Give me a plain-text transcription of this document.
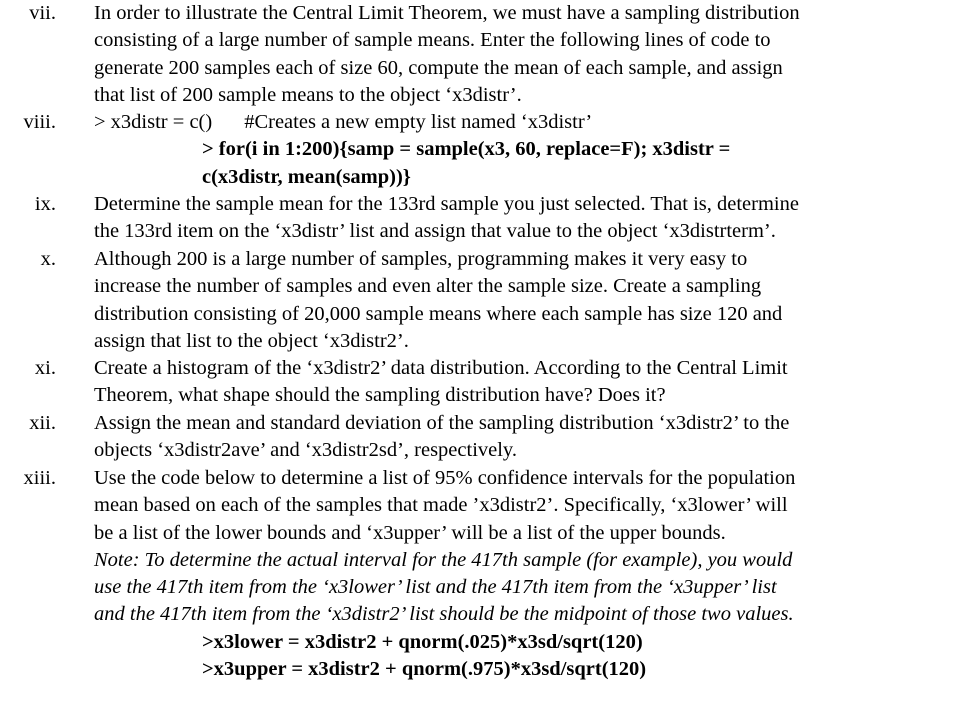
vii. In order to illustrate the Central Limit Theorem, we must have a sampling distribution
consisting of a large number of sample means. Enter the following lines of code to
generate 200 samples each of size 60, compute the mean of each sample, and assign
that list of 200 sample means to the object ‘x3distr’.
viii. > x3distr = c() #Creates a new empty list named ‘x3distr’
> for(i in 1:200){samp = sample(x3, 60, replace=F); x3distr =
c(x3distr, mean(samp))}
ix. Determine the sample mean for the 133rd sample you just selected. That is, determine
the 133rd item on the ‘x3distr’ list and assign that value to the object ‘x3distrterm’.
x. Although 200 is a large number of samples, programming makes it very easy to
increase the number of samples and even alter the sample size. Create a sampling
distribution consisting of 20,000 sample means where each sample has size 120 and
assign that list to the object ‘x3distr2’.
xi. Create a histogram of the ‘x3distr2’ data distribution. According to the Central Limit
Theorem, what shape should the sampling distribution have? Does it?
xii. Assign the mean and standard deviation of the sampling distribution ‘x3distr2’ to the
objects ‘x3distr2ave’ and ‘x3distr2sd’, respectively.
xiii. Use the code below to determine a list of 95% confidence intervals for the population
mean based on each of the samples that made ’x3distr2’. Specifically, ‘x3lower’ will
be a list of the lower bounds and ‘x3upper’ will be a list of the upper bounds.
Note: To determine the actual interval for the 417th sample (for example), you would
use the 417th item from the ‘x3lower’ list and the 417th item from the ‘x3upper’ list
and the 417th item from the ‘x3distr2’ list should be the midpoint of those two values.
>x3lower = x3distr2 + qnorm(.025)*x3sd/sqrt(120)
>x3upper = x3distr2 + qnorm(.975)*x3sd/sqrt(120)
